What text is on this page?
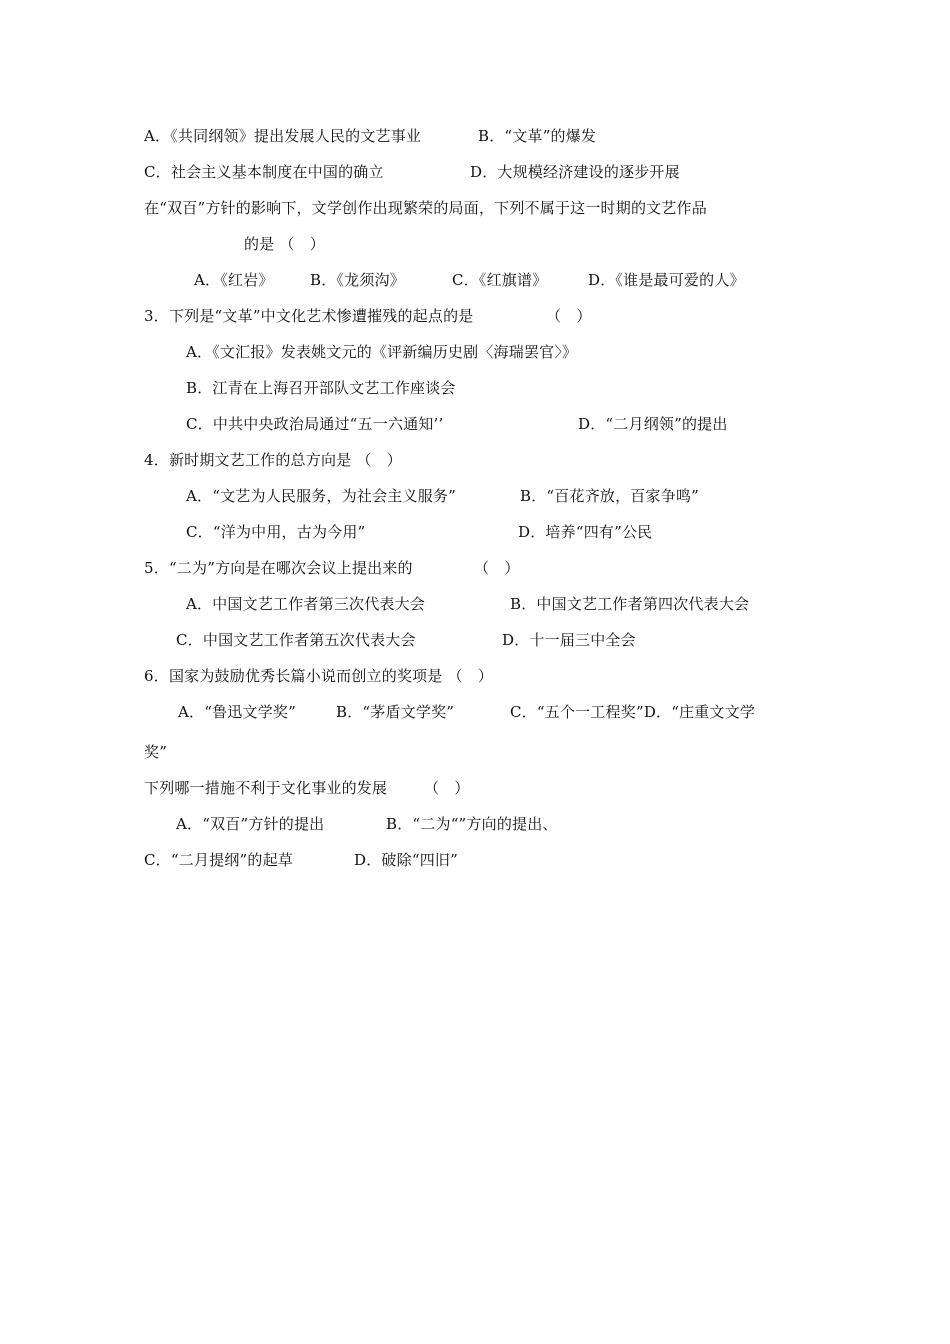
A．《共同纲领》提出发展人民的文艺事业	B．“文革”的爆发
C．社会主义基本制度在中国的确立	D．大规模经济建设的逐步开展
在“双百”方针的影响下，文学创作出现繁荣的局面，下列不属于这一时期的文艺作品
的是 （　）
A．《红岩》 B．《龙须沟》	C．《红旗谱》	D．《谁是最可爱的人》
3．下列是“文革”中文化艺术惨遭摧残的起点的是	（　）
A．《文汇报》发表姚文元的《评新编历史剧〈海瑞罢官〉》
B．江青在上海召开部队文艺工作座谈会
C．中共中央政治局通过“五一六通知’’	D．“二月纲领”的提出
4．新时期文艺工作的总方向是 （　）
A．“文艺为人民服务，为社会主义服务”	B．“百花齐放，百家争鸣”
C．“洋为中用，古为今用”	D．培养“四有”公民
5．“二为”方向是在哪次会议上提出来的	（　）
A．中国文艺工作者第三次代表大会	B．中国文艺工作者第四次代表大会
C．中国文艺工作者第五次代表大会	D．十一届三中全会
6．国家为鼓励优秀长篇小说而创立的奖项是 （　）
A．“鲁迅文学奖”	B．“茅盾文学奖”	C．“五个一工程奖”D．“庄重文文学
奖”
下列哪一措施不利于文化事业的发展 （　）
A．“双百”方针的提出	B．“二为“”方向的提出、
C．“二月提纲”的起草	D．破除“四旧”
